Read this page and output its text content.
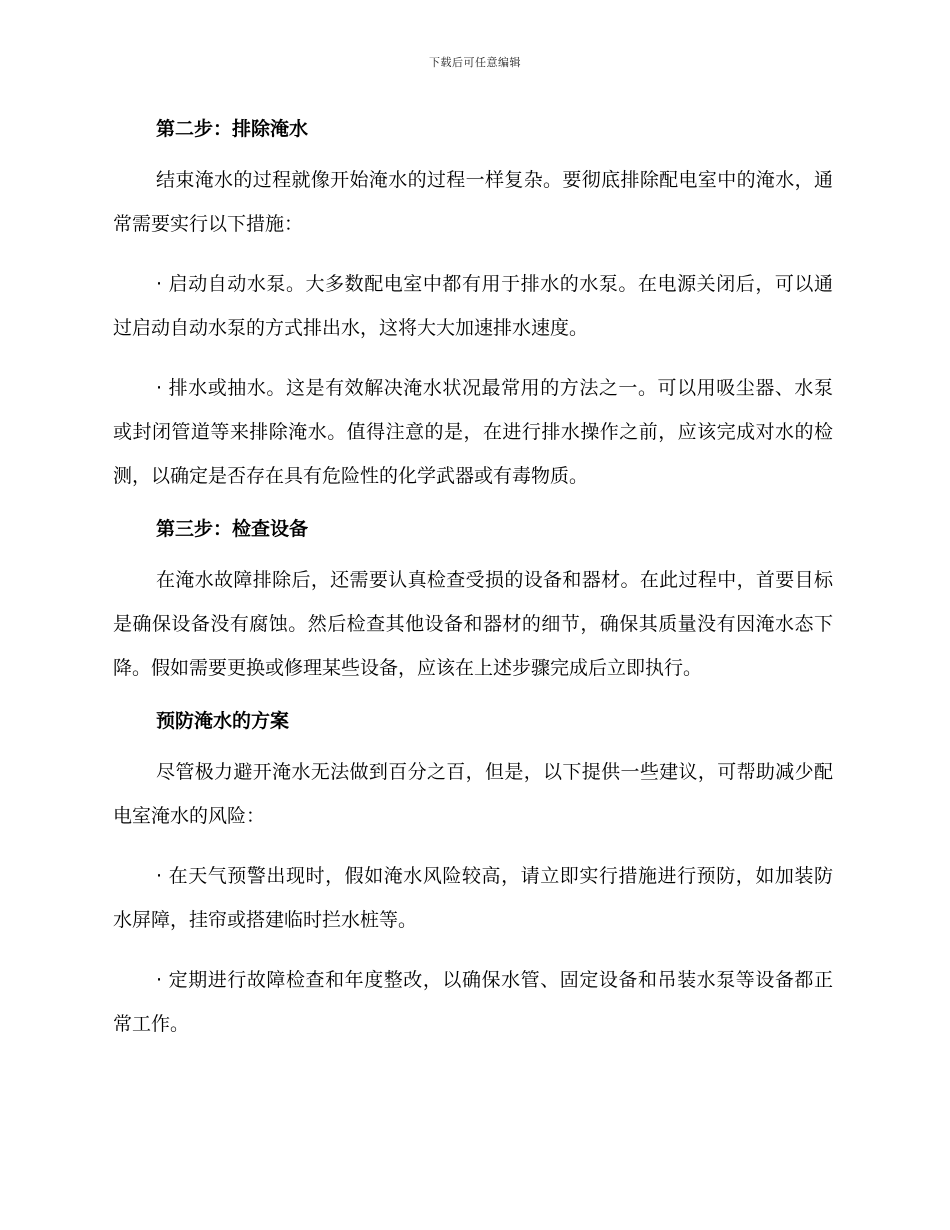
下载后可任意编辑
第二步：排除淹水

结束淹水的过程就像开始淹水的过程一样复杂。要彻底排除配电室中的淹水，通常需要实行以下措施：

· 启动自动水泵。大多数配电室中都有用于排水的水泵。在电源关闭后，可以通过启动自动水泵的方式排出水，这将大大加速排水速度。

· 排水或抽水。这是有效解决淹水状况最常用的方法之一。可以用吸尘器、水泵或封闭管道等来排除淹水。值得注意的是，在进行排水操作之前，应该完成对水的检测，以确定是否存在具有危险性的化学武器或有毒物质。

第三步：检查设备

在淹水故障排除后，还需要认真检查受损的设备和器材。在此过程中，首要目标是确保设备没有腐蚀。然后检查其他设备和器材的细节，确保其质量没有因淹水态下降。假如需要更换或修理某些设备，应该在上述步骤完成后立即执行。

预防淹水的方案

尽管极力避开淹水无法做到百分之百，但是，以下提供一些建议，可帮助减少配电室淹水的风险：

· 在天气预警出现时，假如淹水风险较高，请立即实行措施进行预防，如加装防水屏障，挂帘或搭建临时拦水桩等。

· 定期进行故障检查和年度整改，以确保水管、固定设备和吊装水泵等设备都正常工作。
